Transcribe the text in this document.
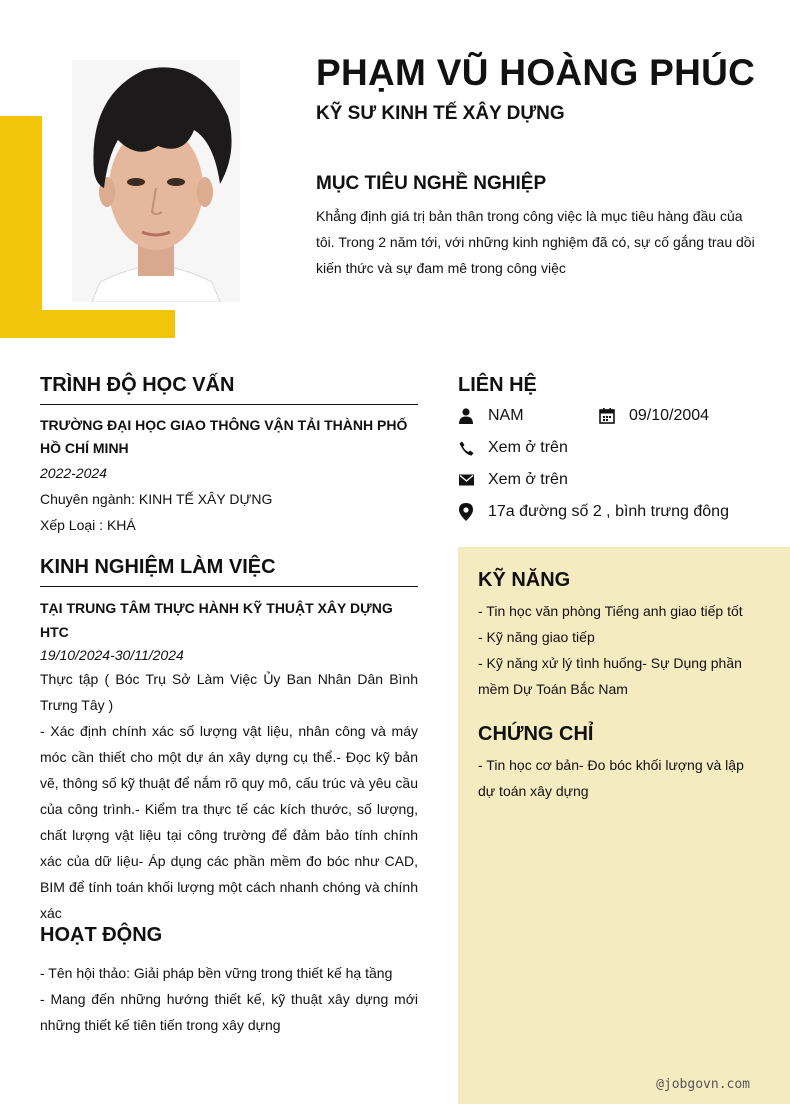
PHẠM VŨ HOÀNG PHÚC
KỸ SƯ KINH TẾ XÂY DỰNG
MỤC TIÊU NGHỀ NGHIỆP

Khẳng định giá trị bản thân trong công việc là mục tiêu hàng đầu của tôi. Trong 2 năm tới, với những kinh nghiệm đã có, sự cố gắng trau dồi kiến thức và sự đam mê trong công việc

TRÌNH ĐỘ HỌC VẤN

TRƯỜNG ĐẠI HỌC GIAO THÔNG VẬN TẢI THÀNH PHỐ HỒ CHÍ MINH

2022-2024

Chuyên ngành: KINH TẾ XÂY DỰNG

Xếp Loại : KHÁ

KINH NGHIỆM LÀM VIỆC

TẠI TRUNG TÂM THỰC HÀNH KỸ THUẬT XÂY DỰNG HTC

19/10/2024-30/11/2024

Thực tập ( Bóc Trụ Sở Làm Việc Ủy Ban Nhân Dân Bình Trưng Tây )

- Xác định chính xác số lượng vật liệu, nhân công và máy móc cần thiết cho một dự án xây dựng cụ thể.- Đọc kỹ bản vẽ, thông số kỹ thuật để nắm rõ quy mô, cấu trúc và yêu cầu của công trình.- Kiểm tra thực tế các kích thước, số lượng, chất lượng vật liệu tại công trường để đảm bảo tính chính xác của dữ liệu- Áp dụng các phần mềm đo bóc như CAD, BIM để tính toán khối lượng một cách nhanh chóng và chính xác

HOẠT ĐỘNG

- Tên hội thảo: Giải pháp bền vững trong thiết kế hạ tầng

- Mang đến những hướng thiết kế, kỹ thuật xây dựng mới những thiết kế tiên tiến trong xây dựng

LIÊN HỆ
NAM	09/10/2004
Xem ở trên
Xem ở trên
17a đường số 2 , bình trưng đông
KỸ NĂNG

- Tin học văn phòng Tiếng anh giao tiếp tốt

- Kỹ năng giao tiếp

- Kỹ năng xử lý tình huống- Sự Dụng phần mềm Dự Toán Bắc Nam

CHỨNG CHỈ

- Tin học cơ bản- Đo bóc khối lượng và lập dự toán xây dựng

@jobgovn.com
